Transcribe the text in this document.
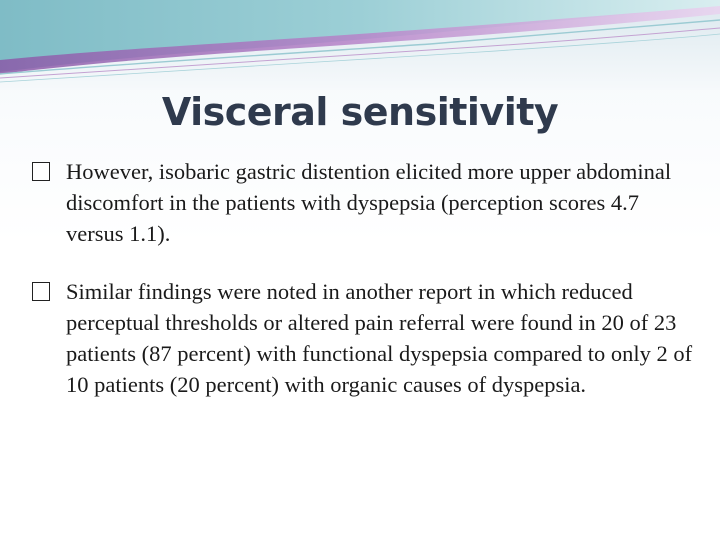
Visceral sensitivity
However, isobaric gastric distention elicited more upper abdominal discomfort in the patients with dyspepsia (perception scores 4.7 versus 1.1).
Similar findings were noted in another report in which reduced perceptual thresholds or altered pain referral were found in 20 of 23 patients (87 percent) with functional dyspepsia compared to only 2 of 10 patients (20 percent) with organic causes of dyspepsia.
